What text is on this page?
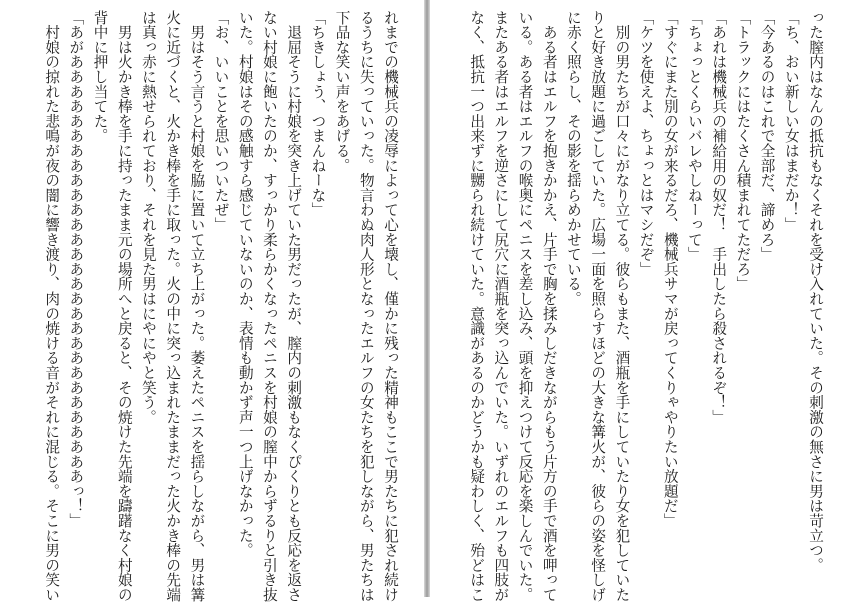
れまでの機械兵の凌辱によって心を壊し、僅かに残った精神もここで男たちに犯され続け
るうちに失っていった。物言わぬ肉人形となったエルフの女たちを犯しながら、男たちは
下品な笑い声をあげる。
「ちきしょう、つまんねーな」
　退屈そうに村娘を突き上げていた男だったが、膣内の刺激もなくぴくりとも反応を返さ
ない村娘に飽いたのか、すっかり柔らかくなったペニスを村娘の膣中からずるりと引き抜
いた。村娘はその感触すら感じていないのか、表情も動かず声一つ上げなかった。
「お、いいことを思いついたぜ」
　男はそう言うと村娘を脇に置いて立ち上がった。萎えたペニスを揺らしながら、男は篝
火に近づくと、火かき棒を手に取った。火の中に突っ込まれたままだった火かき棒の先端
は真っ赤に熱せられており、それを見た男はにやにやと笑う。
　男は火かき棒を手に持ったまま元の場所へと戻ると、その焼けた先端を躊躇なく村娘の
背中に押し当てた。
「あがあああああああああああああああああああああああああああああっ！」
　村娘の掠れた悲鳴が夜の闇に響き渡り、肉の焼ける音がそれに混じる。そこに男の笑い	った膣内はなんの抵抗もなくそれを受け入れていた。その刺激の無さに男は苛立つ。
「ち、おい新しい女はまだか！」
「今あるのはこれで全部だ、諦めろ」
「トラックにはたくさん積まれてただろ」
「あれは機械兵の補給用の奴だ！　手出したら殺されるぞ！」
「ちょっとくらいバレやしねーって」
「すぐにまた別の女が来るだろ、機械兵サマが戻ってくりゃやりたい放題だ」
「ケツを使えよ、ちょっとはマシだぞ」
　別の男たちが口々にがなり立てる。彼らもまた、酒瓶を手にしていたり女を犯していた
りと好き放題に過ごしていた。広場一面を照らすほどの大きな篝火が、彼らの姿を怪しげ
に赤く照らし、その影を揺らめかせている。
　ある者はエルフを抱きかかえ、片手で胸を揉みしだきながらもう片方の手で酒を呷って
いる。ある者はエルフの喉奥にペニスを差し込み、頭を抑えつけて反応を楽しんでいた。
またある者はエルフを逆さにして尻穴に酒瓶を突っ込んでいた。いずれのエルフも四肢が
なく、抵抗一つ出来ずに嬲られ続けていた。意識があるのかどうかも疑わしく、殆どはこ
